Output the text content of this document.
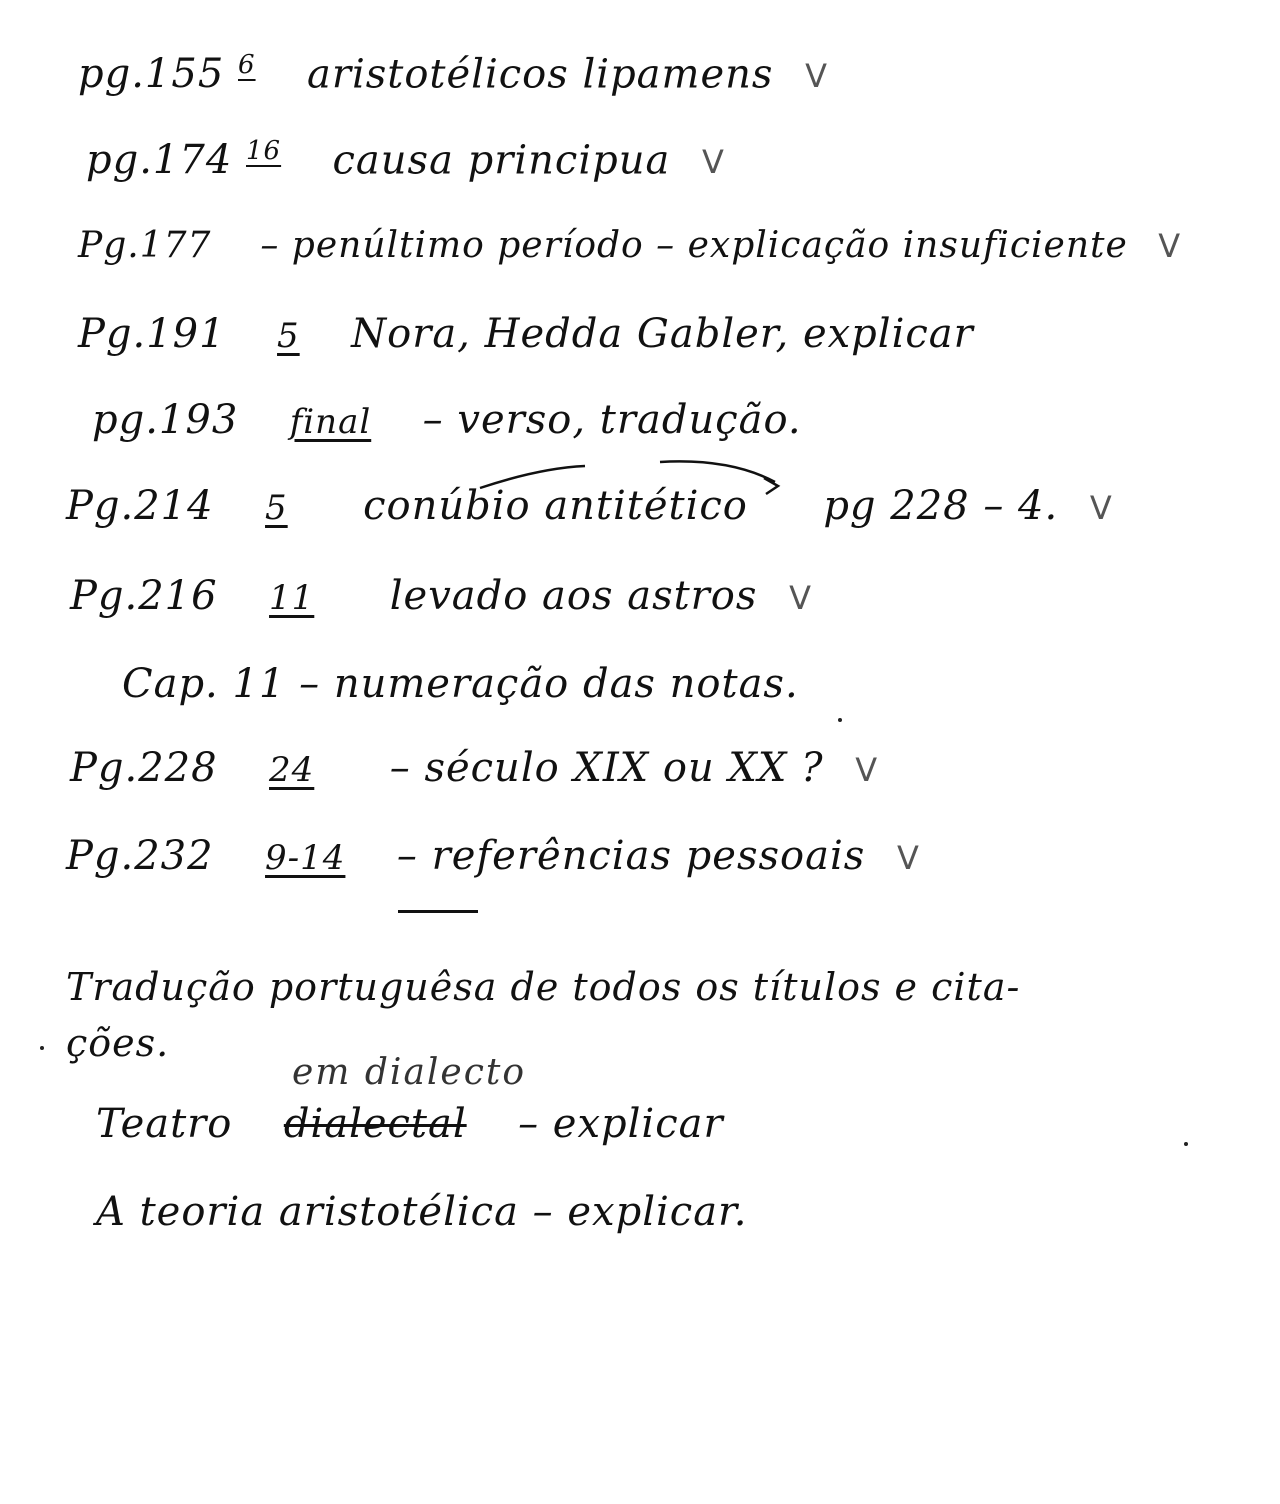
pg.155 6 aristotélicos lipamens V
pg.174 16 causa principua V
Pg.177 – penúltimo período – explicação insuficiente V
Pg.191 5 Nora, Hedda Gabler, explicar
pg.193 final – verso, tradução.
Pg.214 5 conúbio antitético pg 228 – 4. V
Pg.216 11 levado aos astros V
Cap. 11 – numeração das notas.
Pg.228 24 – século XIX ou XX ? V
Pg.232 9-14 – referências pessoais V
Tradução portuguêsa de todos os títulos e cita-
ções.
em dialecto
Teatro dialectal – explicar
A teoria aristotélica – explicar.
